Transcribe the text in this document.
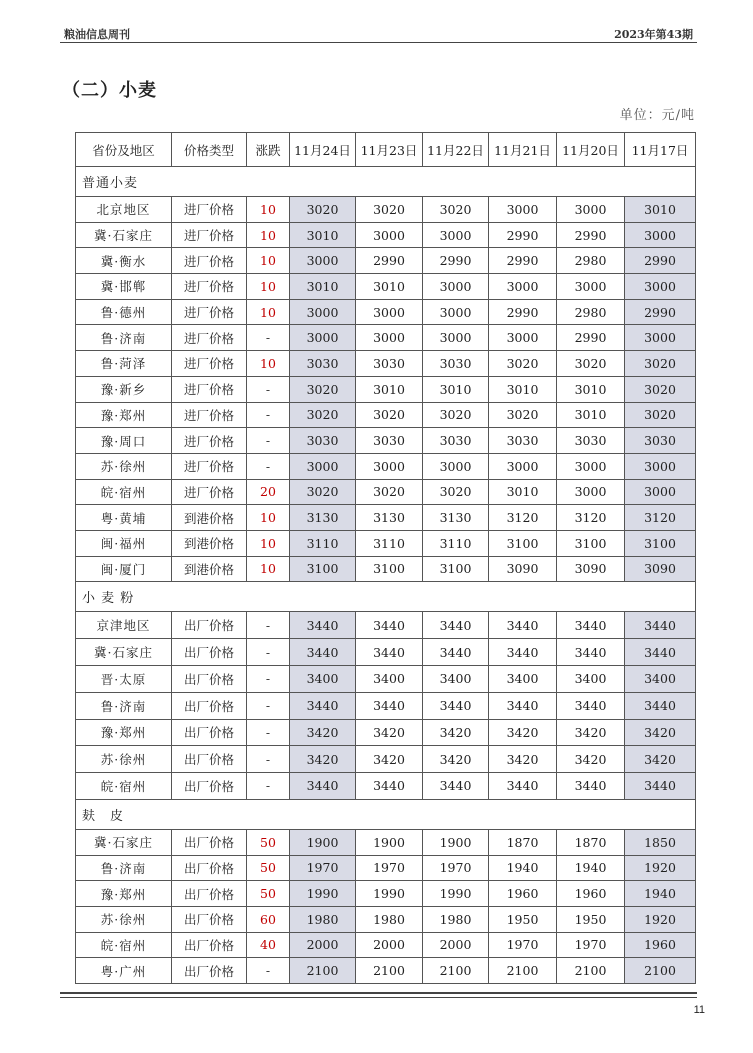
粮油信息周刊	2023年第43期
（二）小麦
单位：元/吨
省份及地区	价格类型	涨跌	11月24日	11月23日	11月22日	11月21日	11月20日	11月17日
普通小麦								
北京地区	进厂价格	10	3020	3020	3020	3000	3000	3010
冀·石家庄	进厂价格	10	3010	3000	3000	2990	2990	3000
冀·衡水	进厂价格	10	3000	2990	2990	2990	2980	2990
冀·邯郸	进厂价格	10	3010	3010	3000	3000	3000	3000
鲁·德州	进厂价格	10	3000	3000	3000	2990	2980	2990
鲁·济南	进厂价格	-	3000	3000	3000	3000	2990	3000
鲁·菏泽	进厂价格	10	3030	3030	3030	3020	3020	3020
豫·新乡	进厂价格	-	3020	3010	3010	3010	3010	3020
豫·郑州	进厂价格	-	3020	3020	3020	3020	3010	3020
豫·周口	进厂价格	-	3030	3030	3030	3030	3030	3030
苏·徐州	进厂价格	-	3000	3000	3000	3000	3000	3000
皖·宿州	进厂价格	20	3020	3020	3020	3010	3000	3000
粤·黄埔	到港价格	10	3130	3130	3130	3120	3120	3120
闽·福州	到港价格	10	3110	3110	3110	3100	3100	3100
闽·厦门	到港价格	10	3100	3100	3100	3090	3090	3090
小 麦 粉								
京津地区	出厂价格	-	3440	3440	3440	3440	3440	3440
冀·石家庄	出厂价格	-	3440	3440	3440	3440	3440	3440
晋·太原	出厂价格	-	3400	3400	3400	3400	3400	3400
鲁·济南	出厂价格	-	3440	3440	3440	3440	3440	3440
豫·郑州	出厂价格	-	3420	3420	3420	3420	3420	3420
苏·徐州	出厂价格	-	3420	3420	3420	3420	3420	3420
皖·宿州	出厂价格	-	3440	3440	3440	3440	3440	3440
麸　皮								
冀·石家庄	出厂价格	50	1900	1900	1900	1870	1870	1850
鲁·济南	出厂价格	50	1970	1970	1970	1940	1940	1920
豫·郑州	出厂价格	50	1990	1990	1990	1960	1960	1940
苏·徐州	出厂价格	60	1980	1980	1980	1950	1950	1920
皖·宿州	出厂价格	40	2000	2000	2000	1970	1970	1960
粤·广州	出厂价格	-	2100	2100	2100	2100	2100	2100
11
